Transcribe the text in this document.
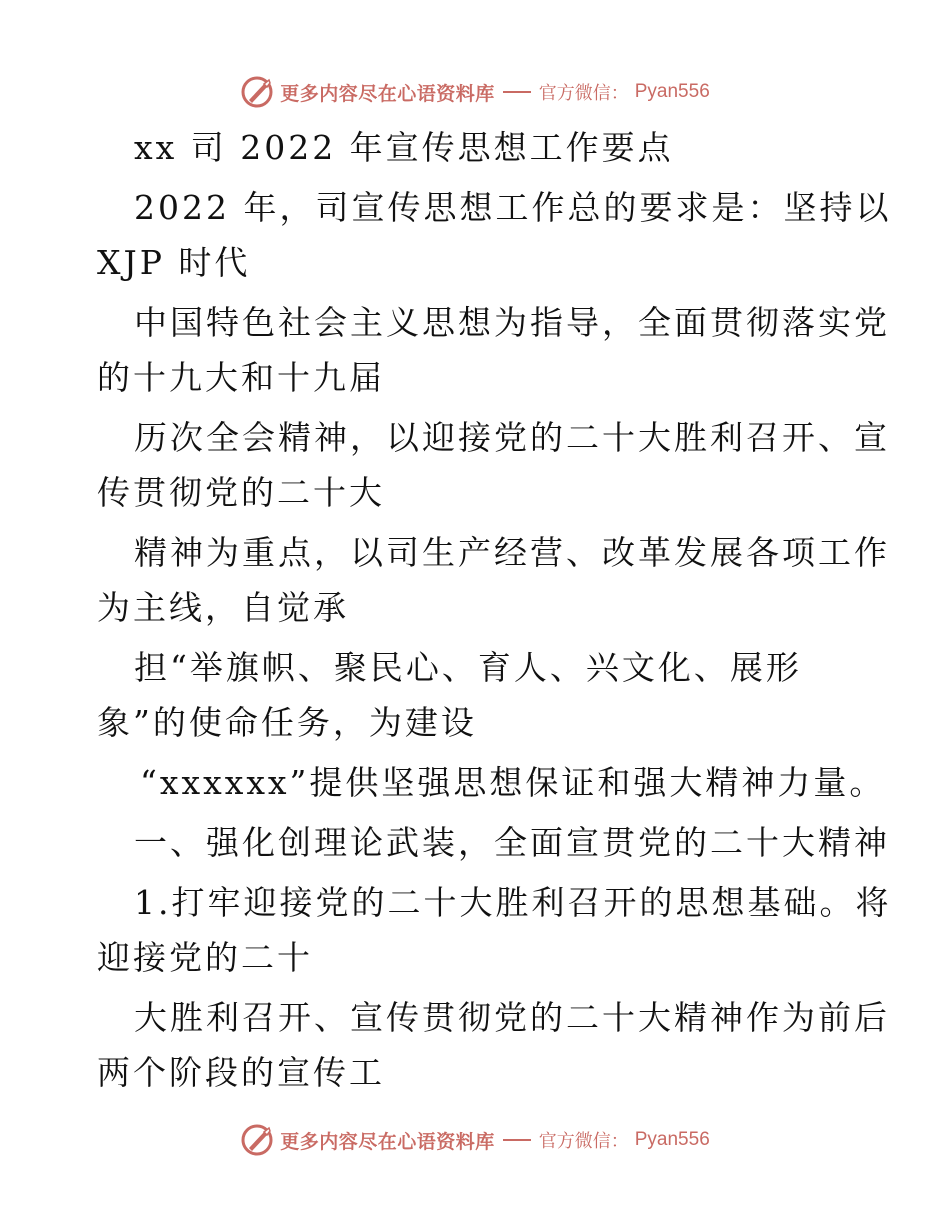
更多内容尽在心语资料库 官方微信： Pyan556
xx 司 2022 年宣传思想工作要点
2022 年，司宣传思想工作总的要求是：坚持以
XJP 时代
中国特色社会主义思想为指导，全面贯彻落实党
的十九大和十九届
历次全会精神，以迎接党的二十大胜利召开、宣
传贯彻党的二十大
精神为重点，以司生产经营、改革发展各项工作
为主线，自觉承
担“举旗帜、聚民心、育人、兴文化、展形
象”的使命任务，为建设
“xxxxxx”提供坚强思想保证和强大精神力量。
一、强化创理论武装，全面宣贯党的二十大精神
1.打牢迎接党的二十大胜利召开的思想基础。将
迎接党的二十
大胜利召开、宣传贯彻党的二十大精神作为前后
两个阶段的宣传工
更多内容尽在心语资料库 官方微信： Pyan556
